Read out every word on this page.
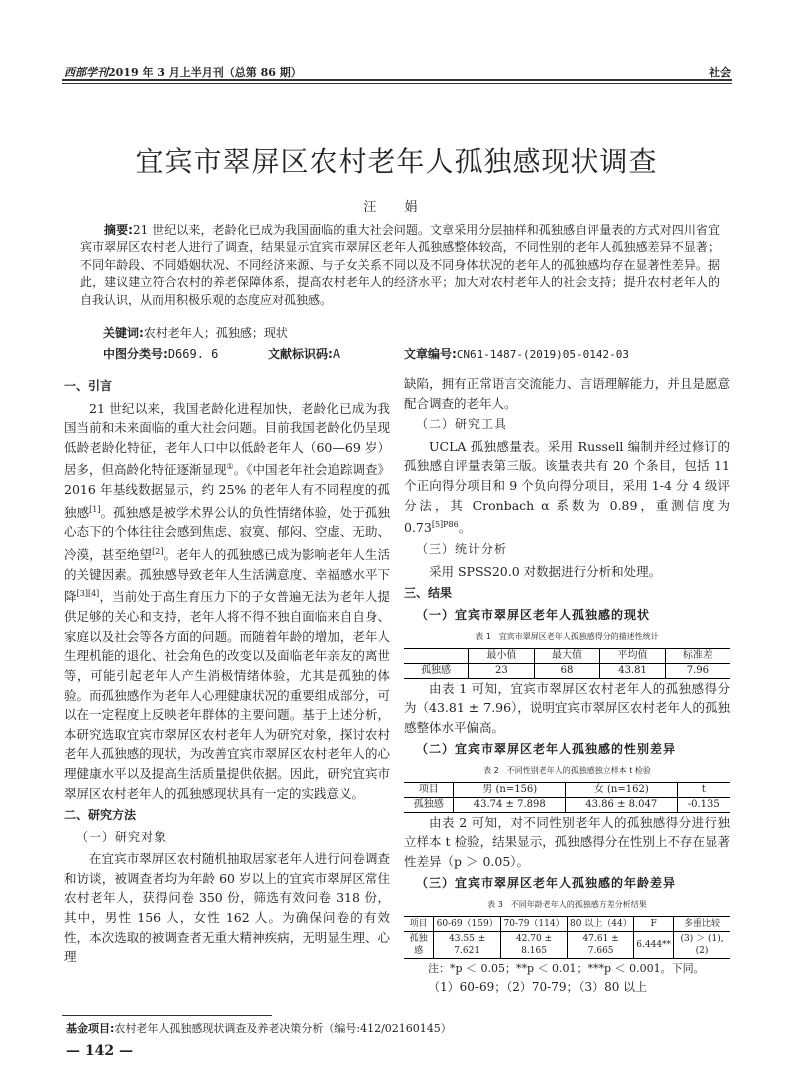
西部学刊2019 年 3 月上半月刊（总第 86 期）	社会
宜宾市翠屏区农村老年人孤独感现状调查
汪 娟
摘要:21 世纪以来，老龄化已成为我国面临的重大社会问题。文章采用分层抽样和孤独感自评量表的方式对四川省宜宾市翠屏区农村老人进行了调查，结果显示宜宾市翠屏区老年人孤独感整体较高，不同性别的老年人孤独感差异不显著；不同年龄段、不同婚姻状况、不同经济来源、与子女关系不同以及不同身体状况的老年人的孤独感均存在显著性差异。据此，建议建立符合农村的养老保障体系，提高农村老年人的经济水平；加大对农村老年人的社会支持；提升农村老年人的自我认识，从而用积极乐观的态度应对孤独感。
关键词:农村老年人；孤独感；现状
中图分类号:D669. 6	文献标识码:A	文章编号:CN61-1487-(2019)05-0142-03
一、引言

21 世纪以来，我国老龄化进程加快，老龄化已成为我国当前和未来面临的重大社会问题。目前我国老龄化仍呈现低龄老龄化特征，老年人口中以低龄老年人（60—69 岁）居多，但高龄化特征逐渐显现①。《中国老年社会追踪调查》2016 年基线数据显示，约 25% 的老年人有不同程度的孤独感[1]。孤独感是被学术界公认的负性情绪体验，处于孤独心态下的个体往往会感到焦虑、寂寞、郁闷、空虚、无助、冷漠，甚至绝望[2]。老年人的孤独感已成为影响老年人生活的关键因素。孤独感导致老年人生活满意度、幸福感水平下降[3][4]，当前处于高生育压力下的子女普遍无法为老年人提供足够的关心和支持，老年人将不得不独自面临来自自身、家庭以及社会等各方面的问题。而随着年龄的增加，老年人生理机能的退化、社会角色的改变以及面临老年亲友的离世等，可能引起老年人产生消极情绪体验，尤其是孤独的体验。而孤独感作为老年人心理健康状况的重要组成部分，可以在一定程度上反映老年群体的主要问题。基于上述分析，本研究选取宜宾市翠屏区农村老年人为研究对象，探讨农村老年人孤独感的现状，为改善宜宾市翠屏区农村老年人的心理健康水平以及提高生活质量提供依据。因此，研究宜宾市翠屏区农村老年人的孤独感现状具有一定的实践意义。

二、研究方法
（一）研究对象

在宜宾市翠屏区农村随机抽取居家老年人进行问卷调查和访谈，被调查者均为年龄 60 岁以上的宜宾市翠屏区常住农村老年人，获得问卷 350 份，筛选有效问卷 318 份，其中，男性 156 人，女性 162 人。为确保问卷的有效性，本次选取的被调查者无重大精神疾病，无明显生理、心理

缺陷，拥有正常语言交流能力、言语理解能力，并且是愿意配合调查的老年人。

（二）研究工具

UCLA 孤独感量表。采用 Russell 编制并经过修订的孤独感自评量表第三版。该量表共有 20 个条目，包括 11 个正向得分项目和 9 个负向得分项目，采用 1-4 分 4 级评分法，其 Cronbach α 系数为 0.89，重测信度为 $0.73^{[5]P86}$。

（三）统计分析

采用 SPSS20.0 对数据进行分析和处理。

三、结果
（一）宜宾市翠屏区老年人孤独感的现状
表 1　宜宾市翠屏区老年人孤独感得分的描述性统计
	最小值	最大值	平均值	标准差
孤独感	23	68	43.81	7.96

由表 1 可知，宜宾市翠屏区农村老年人的孤独感得分为（43.81 ± 7.96），说明宜宾市翠屏区农村老年人的孤独感整体水平偏高。

（二）宜宾市翠屏区老年人孤独感的性别差异
表 2　不同性别老年人的孤独感独立样本 t 检验
项目	男 (n=156)	女 (n=162)	t
孤独感	43.74 ± 7.898	43.86 ± 8.047	-0.135

由表 2 可知，对不同性别老年人的孤独感得分进行独立样本 t 检验，结果显示，孤独感得分在性别上不存在显著性差异（p ＞ 0.05）。

（三）宜宾市翠屏区老年人孤独感的年龄差异
表 3　不同年龄老年人的孤独感方差分析结果
项目	60-69（159）	70-79（114）	80 以上（44）	F	多重比较
孤独感	43.55 ± 7.621	42.70 ± 8.165	47.61 ± 7.665	6.444**	(3) ＞ (1),(2)
注：*p ＜ 0.05；**p ＜ 0.01；***p ＜ 0.001。下同。
（1）60-69；（2）70-79；（3）80 以上
基金项目:农村老年人孤独感现状调查及养老决策分析（编号:412/02160145）
— 142 —
